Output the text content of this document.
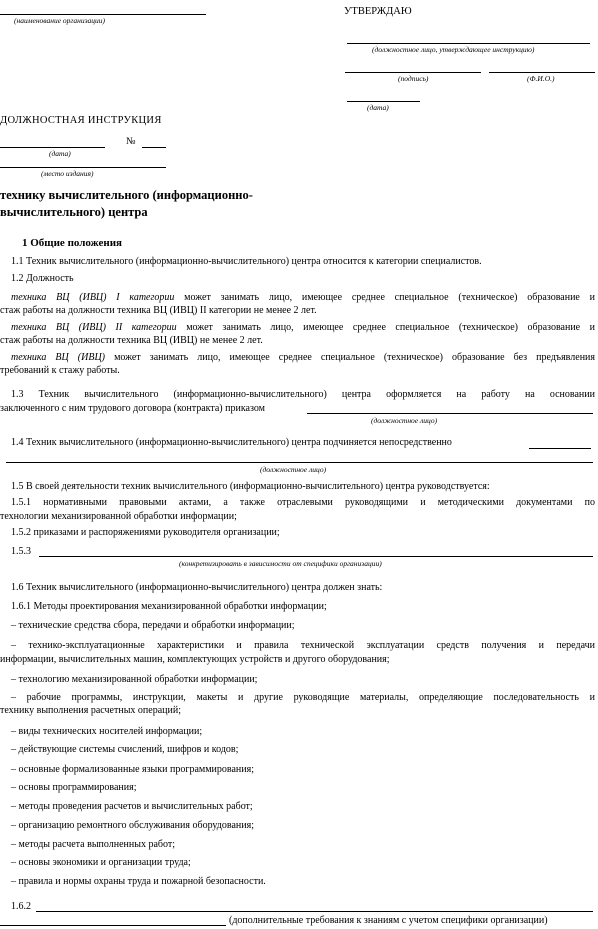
(наименование организации)
УТВЕРЖДАЮ
(должностное лицо, утверждающее инструкцию)
(подпись)	(Ф.И.О.)
(дата)
ДОЛЖНОСТНАЯ ИНСТРУКЦИЯ
№
(дата)
(место издания)
технику вычислительного (информационно-
вычислительного) центра
1 Общие положения
1.1 Техник вычислительного (информационно-вычислительного) центра относится к категории специалистов.
1.2 Должность
техника ВЦ (ИВЦ) I категории может занимать лицо, имеющее среднее специальное (техническое) образование и
стаж работы на должности техника ВЦ (ИВЦ) II категории не менее 2 лет.
техника ВЦ (ИВЦ) II категории может занимать лицо, имеющее среднее специальное (техническое) образование и
стаж работы на должности техника ВЦ (ИВЦ) не менее 2 лет.
техника ВЦ (ИВЦ) может занимать лицо, имеющее среднее специальное (техническое) образование без предъявления
требований к стажу работы.
1.3 Техник вычислительного (информационно-вычислительного) центра оформляется на работу на основании
заключенного с ним трудового договора (контракта) приказом
(должностное лицо)
1.4 Техник вычислительного (информационно-вычислительного) центра подчиняется непосредственно
(должностное лицо)
1.5 В своей деятельности техник вычислительного (информационно-вычислительного) центра руководствуется:
1.5.1 нормативными правовыми актами, а также отраслевыми руководящими и методическими документами по
технологии механизированной обработки информации;
1.5.2 приказами и распоряжениями руководителя организации;
1.5.3
(конкретизировать в зависимости от специфики организации)
1.6 Техник вычислительного (информационно-вычислительного) центра должен знать:
1.6.1 Методы проектирования механизированной обработки информации;
– технические средства сбора, передачи и обработки информации;
– технико-эксплуатационные характеристики и правила технической эксплуатации средств получения и передачи
информации, вычислительных машин, комплектующих устройств и другого оборудования;
– технологию механизированной обработки информации;
– рабочие программы, инструкции, макеты и другие руководящие материалы, определяющие последовательность и
технику выполнения расчетных операций;
– виды технических носителей информации;
– действующие системы счислений, шифров и кодов;
– основные формализованные языки программирования;
– основы программирования;
– методы проведения расчетов и вычислительных работ;
– организацию ремонтного обслуживания оборудования;
– методы расчета выполненных работ;
– основы экономики и организации труда;
– правила и нормы охраны труда и пожарной безопасности.
1.6.2
(дополнительные требования к знаниям с учетом специфики организации)
